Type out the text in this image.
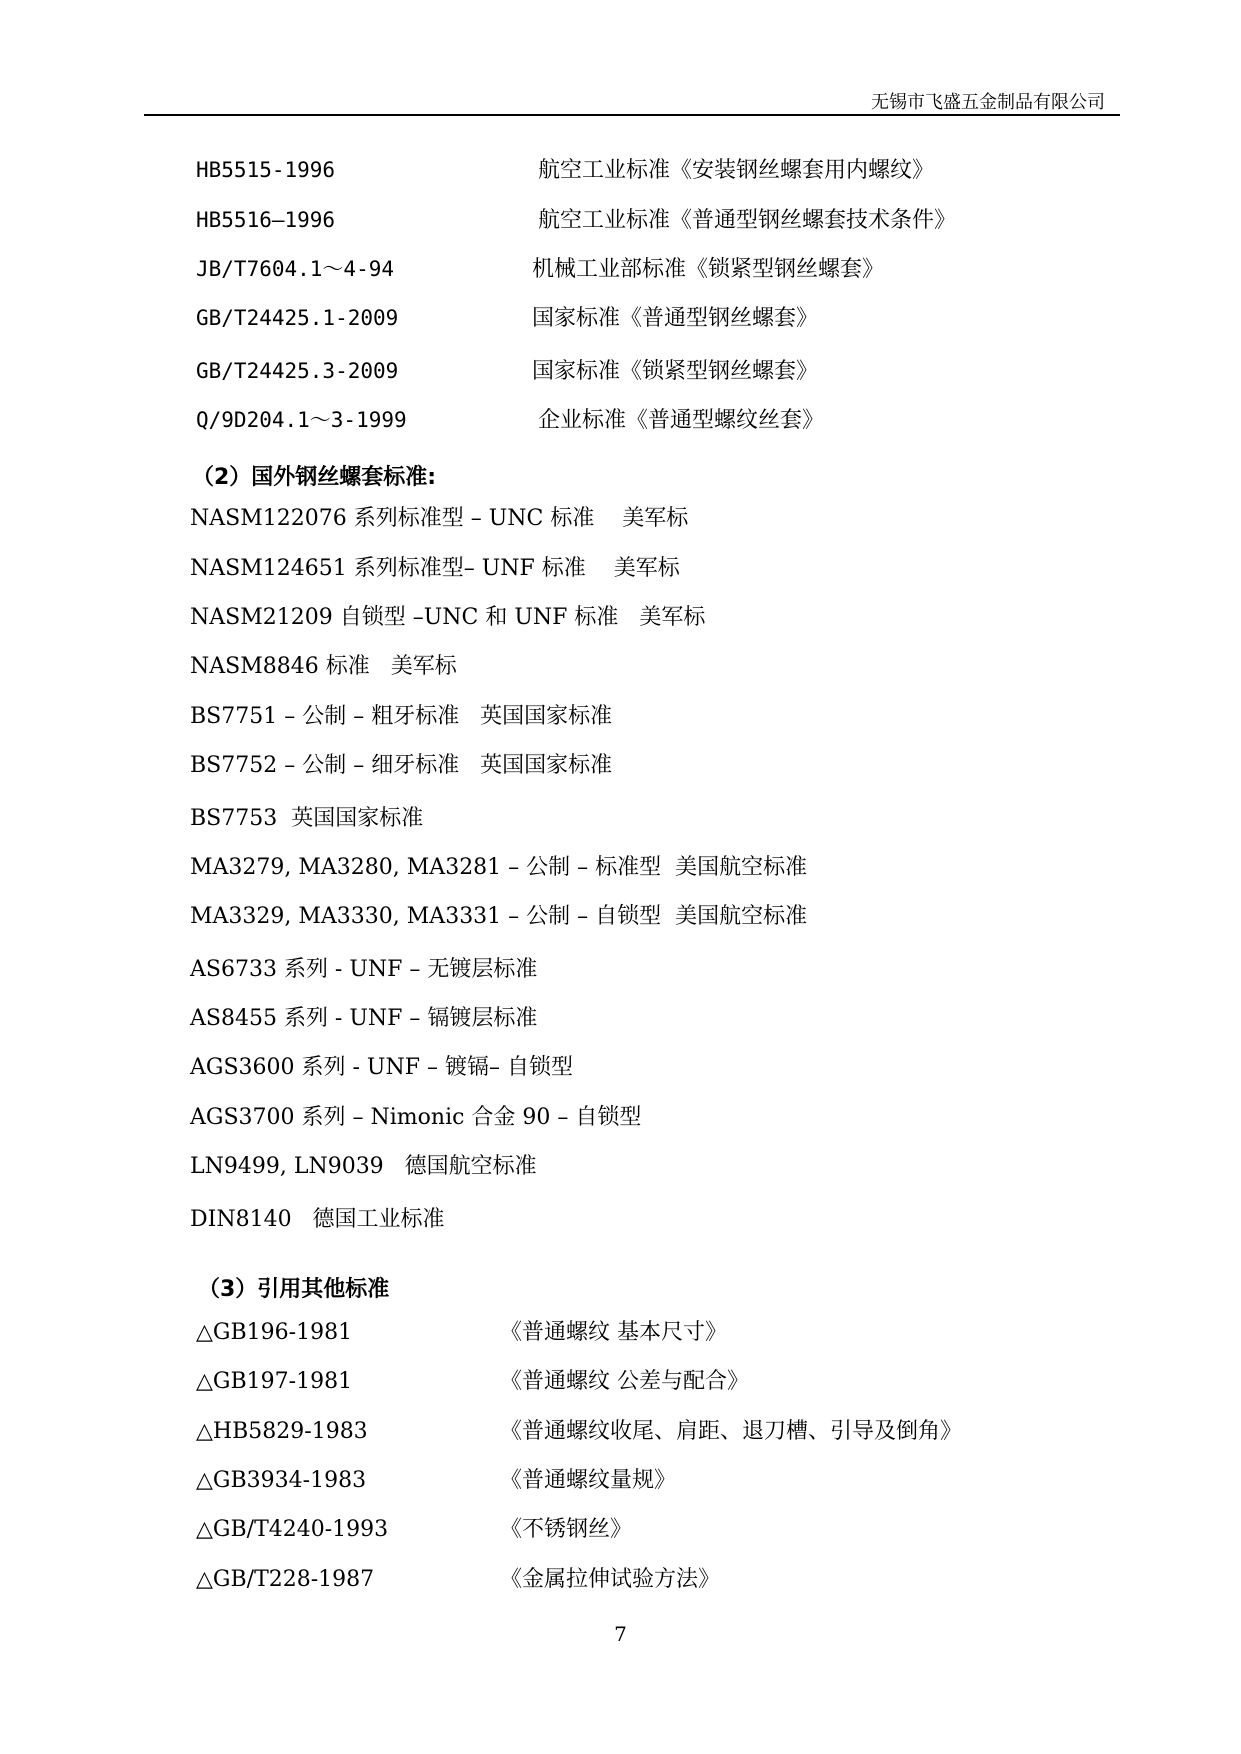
无锡市飞盛五金制品有限公司
HB5515-1996	航空工业标准《安装钢丝螺套用内螺纹》
HB5516—1996	航空工业标准《普通型钢丝螺套技术条件》
JB/T7604.1～4-94	机械工业部标准《锁紧型钢丝螺套》
GB/T24425.1-2009	国家标准《普通型钢丝螺套》
GB/T24425.3-2009	国家标准《锁紧型钢丝螺套》
Q/9D204.1～3-1999	企业标准《普通型螺纹丝套》
（2）国外钢丝螺套标准:
NASM122076 系列标准型 – UNC 标准    美军标
NASM124651 系列标准型– UNF 标准    美军标
NASM21209 自锁型 –UNC 和 UNF 标准   美军标
NASM8846 标准   美军标
BS7751 – 公制 – 粗牙标准   英国国家标准
BS7752 – 公制 – 细牙标准   英国国家标准
BS7753  英国国家标准
MA3279, MA3280, MA3281 – 公制 – 标准型  美国航空标准
MA3329, MA3330, MA3331 – 公制 – 自锁型  美国航空标准
AS6733 系列 - UNF – 无镀层标准
AS8455 系列 - UNF – 镉镀层标准
AGS3600 系列 - UNF – 镀镉– 自锁型
AGS3700 系列 – Nimonic 合金 90 – 自锁型
LN9499, LN9039   德国航空标准
DIN8140   德国工业标准
（3）引用其他标准
△GB196-1981	《普通螺纹 基本尺寸》
△GB197-1981	《普通螺纹 公差与配合》
△HB5829-1983	《普通螺纹收尾、肩距、退刀槽、引导及倒角》
△GB3934-1983	《普通螺纹量规》
△GB/T4240-1993	《不锈钢丝》
△GB/T228-1987	《金属拉伸试验方法》
7
